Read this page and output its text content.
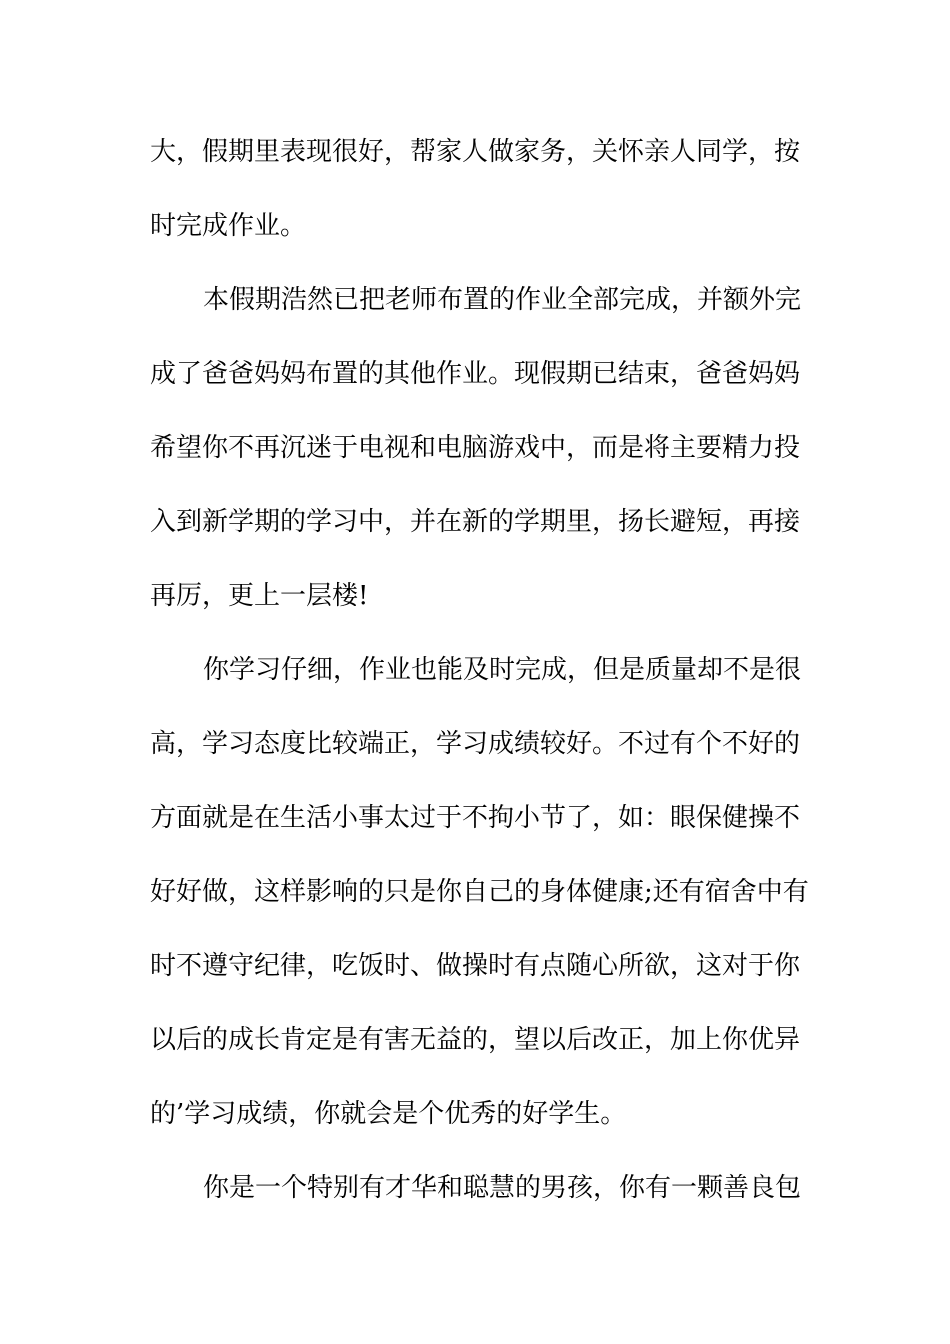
大，假期里表现很好，帮家人做家务，关怀亲人同学，按
时完成作业。
本假期浩然已把老师布置的作业全部完成，并额外完
成了爸爸妈妈布置的其他作业。现假期已结束，爸爸妈妈
希望你不再沉迷于电视和电脑游戏中，而是将主要精力投
入到新学期的学习中，并在新的学期里，扬长避短，再接
再厉，更上一层楼!
你学习仔细，作业也能及时完成，但是质量却不是很
高，学习态度比较端正，学习成绩较好。不过有个不好的
方面就是在生活小事太过于不拘小节了，如：眼保健操不
好好做，这样影响的只是你自己的身体健康;还有宿舍中有
时不遵守纪律，吃饭时、做操时有点随心所欲，这对于你
以后的成长肯定是有害无益的，望以后改正，加上你优异
的’学习成绩，你就会是个优秀的好学生。
你是一个特别有才华和聪慧的男孩，你有一颗善良包
